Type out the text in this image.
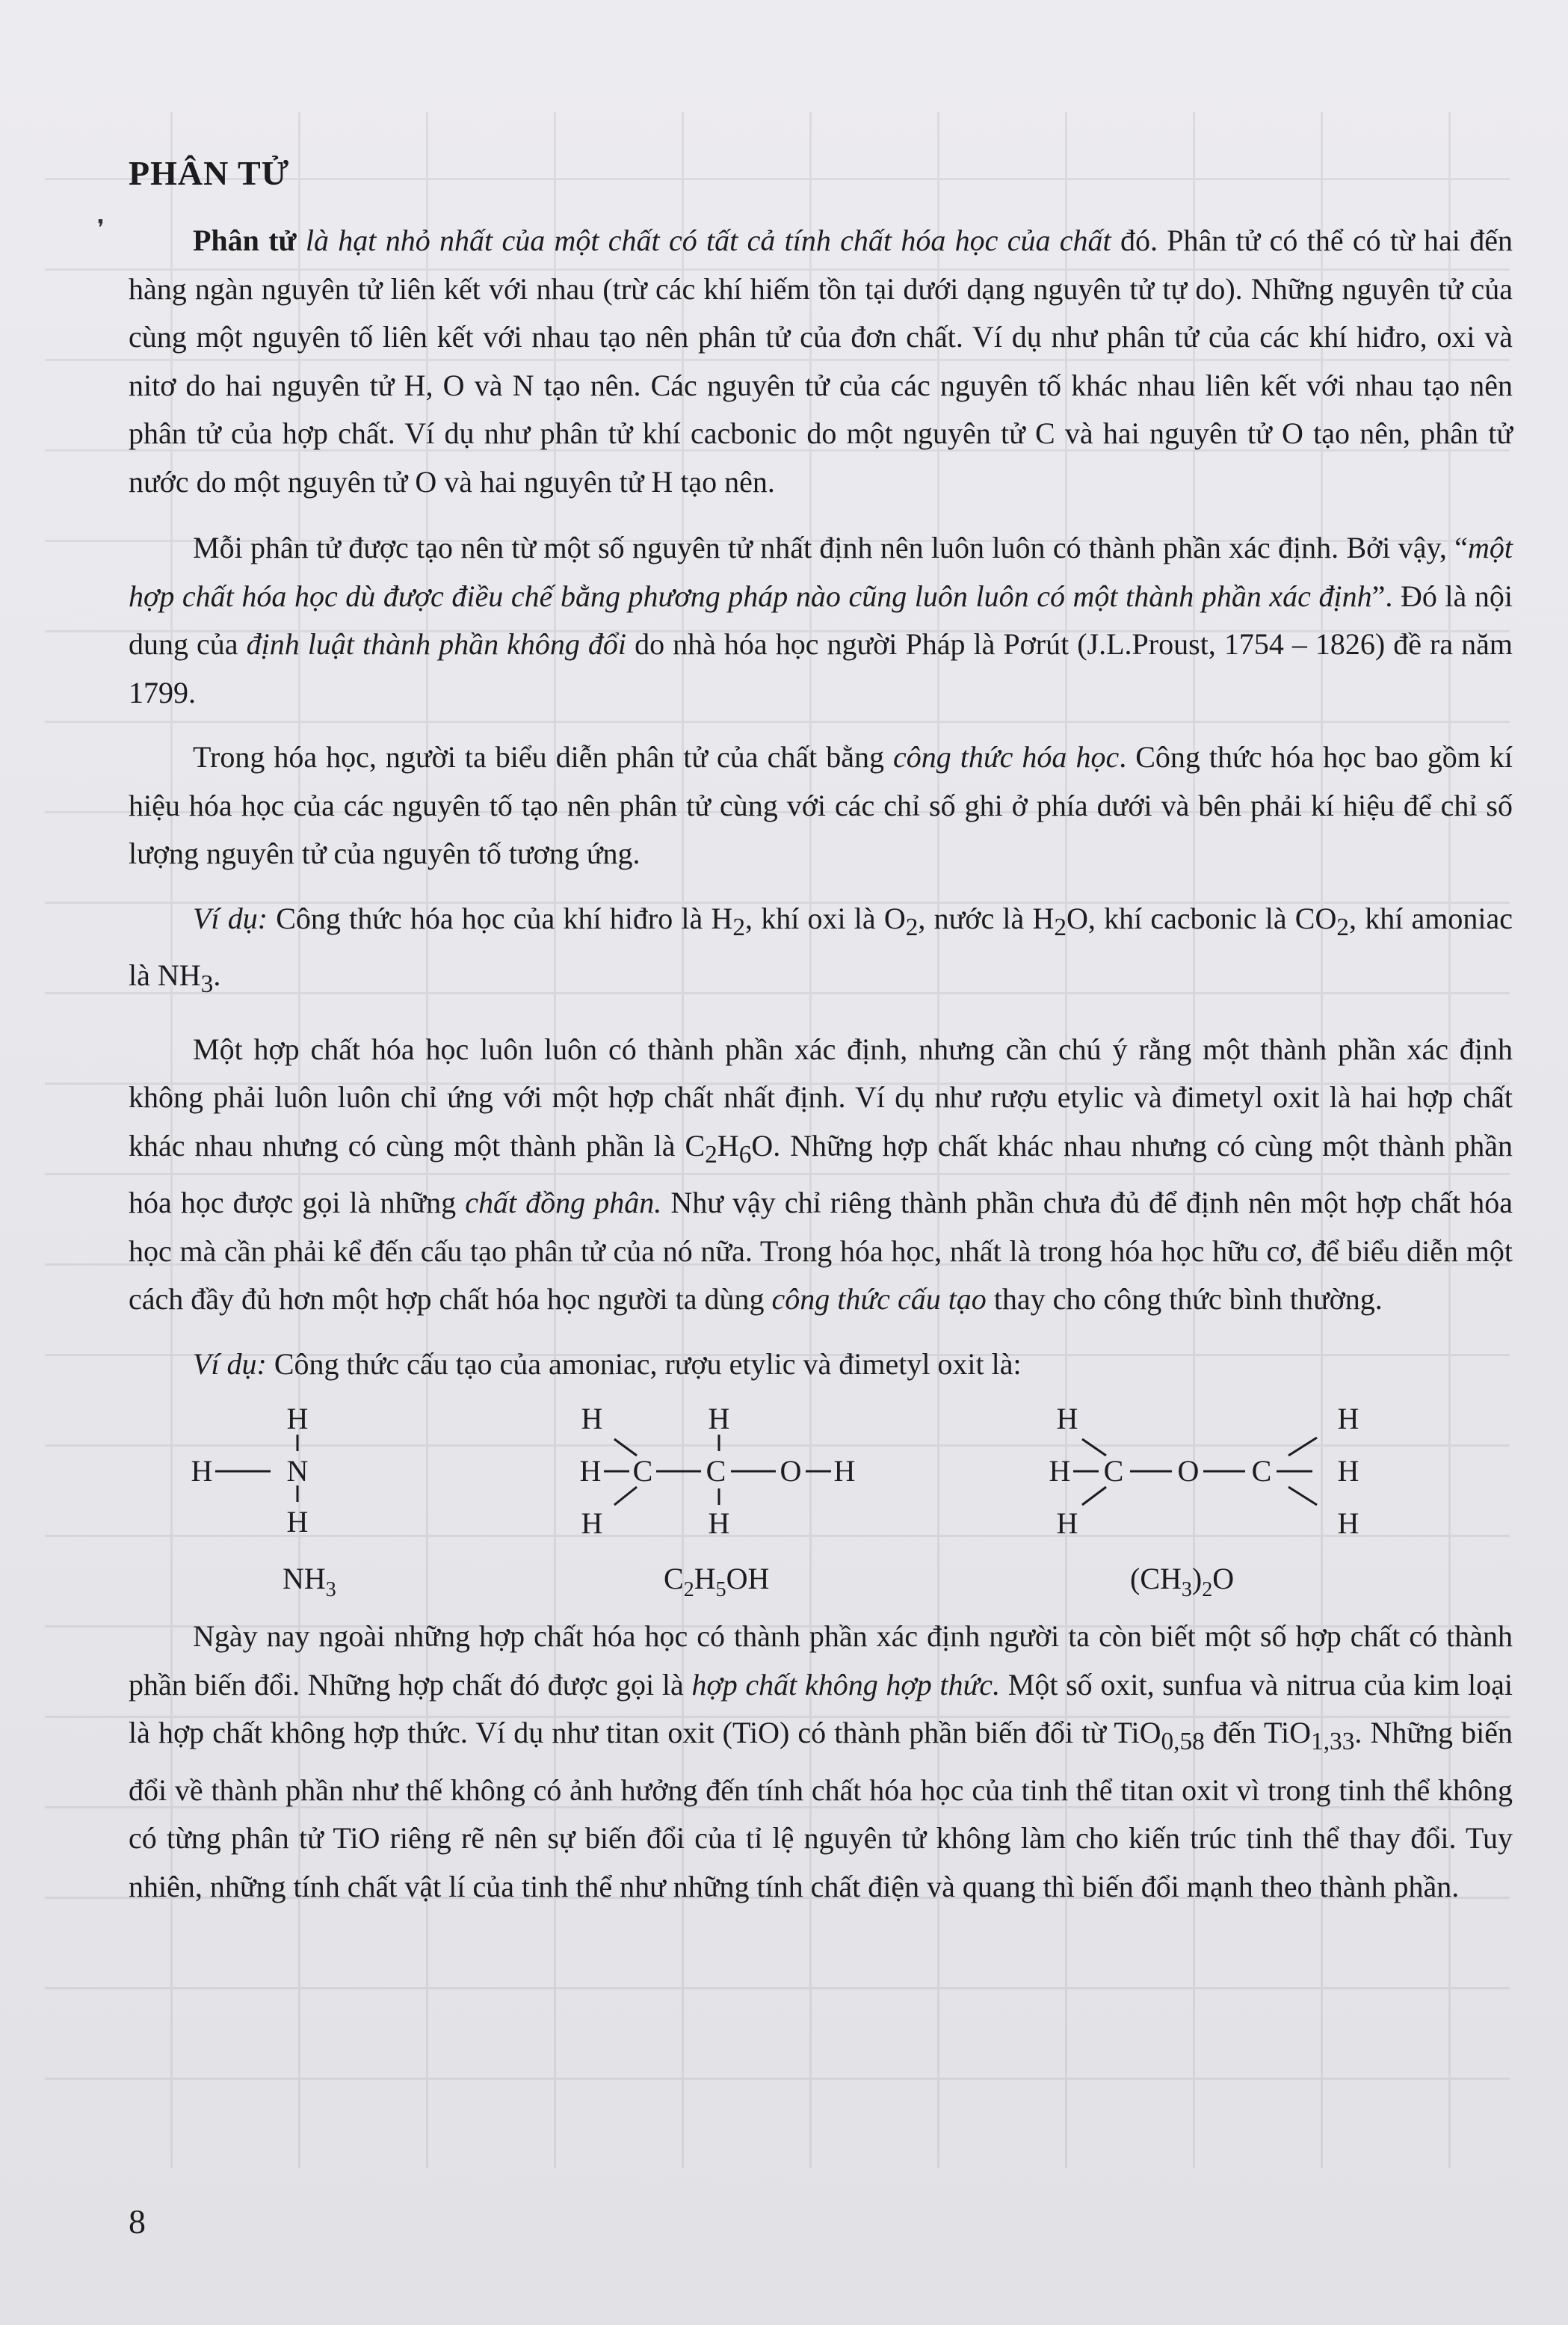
❜
PHÂN TỬ

Phân tử là hạt nhỏ nhất của một chất có tất cả tính chất hóa học của chất đó. Phân tử có thể có từ hai đến hàng ngàn nguyên tử liên kết với nhau (trừ các khí hiếm tồn tại dưới dạng nguyên tử tự do). Những nguyên tử của cùng một nguyên tố liên kết với nhau tạo nên phân tử của đơn chất. Ví dụ như phân tử của các khí hiđro, oxi và nitơ do hai nguyên tử H, O và N tạo nên. Các nguyên tử của các nguyên tố khác nhau liên kết với nhau tạo nên phân tử của hợp chất. Ví dụ như phân tử khí cacbonic do một nguyên tử C và hai nguyên tử O tạo nên, phân tử nước do một nguyên tử O và hai nguyên tử H tạo nên.

Mỗi phân tử được tạo nên từ một số nguyên tử nhất định nên luôn luôn có thành phần xác định. Bởi vậy, “một hợp chất hóa học dù được điều chế bằng phương pháp nào cũng luôn luôn có một thành phần xác định”. Đó là nội dung của định luật thành phần không đổi do nhà hóa học người Pháp là Pơrút (J.L.Proust, 1754 – 1826) đề ra năm 1799.

Trong hóa học, người ta biểu diễn phân tử của chất bằng công thức hóa học. Công thức hóa học bao gồm kí hiệu hóa học của các nguyên tố tạo nên phân tử cùng với các chỉ số ghi ở phía dưới và bên phải kí hiệu để chỉ số lượng nguyên tử của nguyên tố tương ứng.

Ví dụ: Công thức hóa học của khí hiđro là $H_2$, khí oxi là $O_2$, nước là $H_2O$, khí cacbonic là $CO_2$, khí amoniac là $NH_3$.

Một hợp chất hóa học luôn luôn có thành phần xác định, nhưng cần chú ý rằng một thành phần xác định không phải luôn luôn chỉ ứng với một hợp chất nhất định. Ví dụ như rượu etylic và đimetyl oxit là hai hợp chất khác nhau nhưng có cùng một thành phần là $C_2H_6O$. Những hợp chất khác nhau nhưng có cùng một thành phần hóa học được gọi là những chất đồng phân. Như vậy chỉ riêng thành phần chưa đủ để định nên một hợp chất hóa học mà cần phải kể đến cấu tạo phân tử của nó nữa. Trong hóa học, nhất là trong hóa học hữu cơ, để biểu diễn một cách đầy đủ hơn một hợp chất hóa học người ta dùng công thức cấu tạo thay cho công thức bình thường.

Ví dụ: Công thức cấu tạo của amoniac, rượu etylic và đimetyl oxit là:

H
H N
H
H	H
H C C O H
H	H
H	H
H C O C H
H	H
$NH_3$	$C_2H_5OH$	$(CH_3)_2O$

Ngày nay ngoài những hợp chất hóa học có thành phần xác định người ta còn biết một số hợp chất có thành phần biến đổi. Những hợp chất đó được gọi là hợp chất không hợp thức. Một số oxit, sunfua và nitrua của kim loại là hợp chất không hợp thức. Ví dụ như titan oxit (TiO) có thành phần biến đổi từ TiO$_{0,58}$ đến TiO$_{1,33}$. Những biến đổi về thành phần như thế không có ảnh hưởng đến tính chất hóa học của tinh thể titan oxit vì trong tinh thể không có từng phân tử TiO riêng rẽ nên sự biến đổi của tỉ lệ nguyên tử không làm cho kiến trúc tinh thể thay đổi. Tuy nhiên, những tính chất vật lí của tinh thể như những tính chất điện và quang thì biến đổi mạnh theo thành phần.

8
